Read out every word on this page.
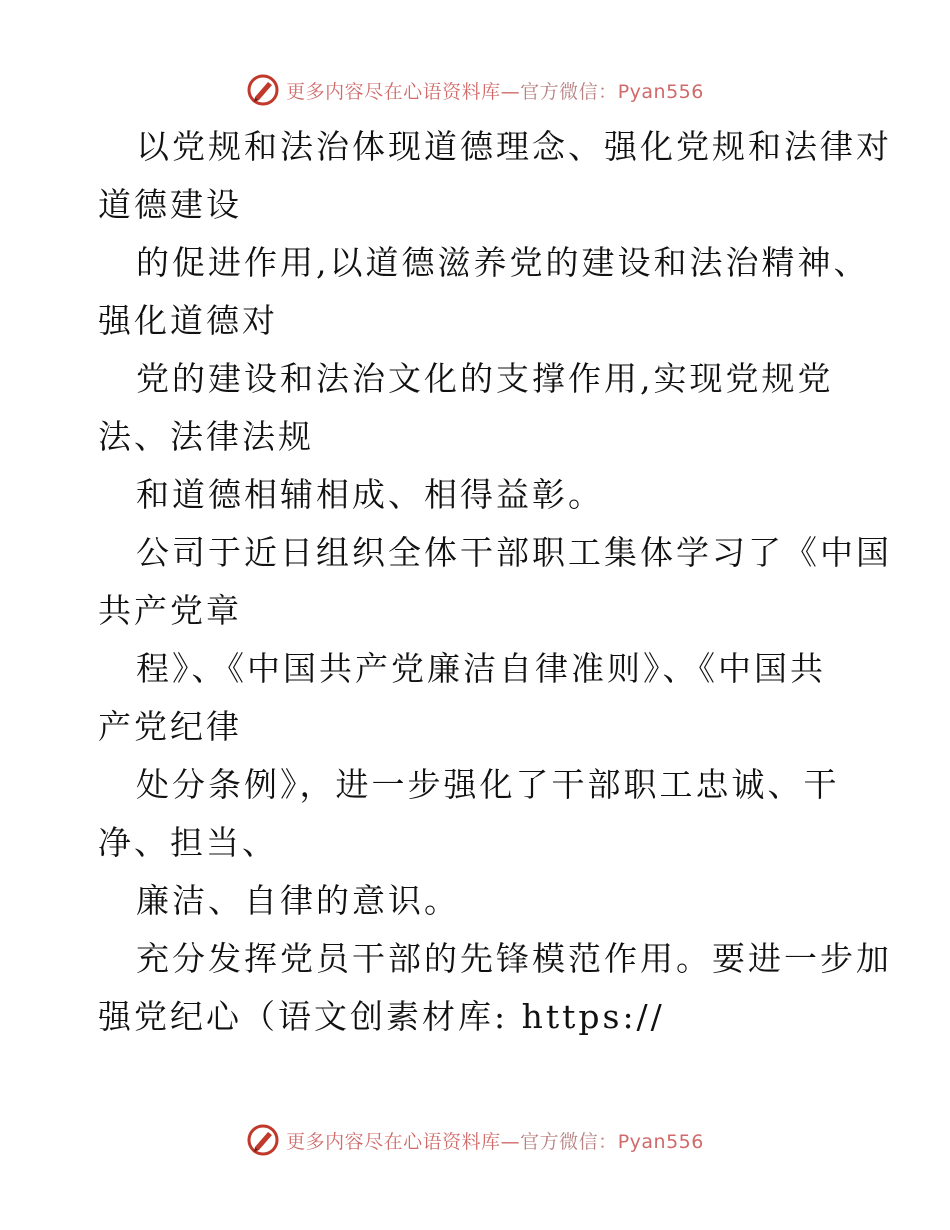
更多内容尽在心语资料库—官方微信：Pyan556
以党规和法治体现道德理念、强化党规和法律对
道德建设
的促进作用,以道德滋养党的建设和法治精神、
强化道德对
党的建设和法治文化的支撑作用,实现党规党
法、法律法规
和道德相辅相成、相得益彰。
公司于近日组织全体干部职工集体学习了《中国
共产党章
程》、《中国共产党廉洁自律准则》、《中国共
产党纪律
处分条例》，进一步强化了干部职工忠诚、干
净、担当、
廉洁、自律的意识。
充分发挥党员干部的先锋模范作用。要进一步加
强党纪心（语文创素材库: https://
更多内容尽在心语资料库—官方微信：Pyan556
